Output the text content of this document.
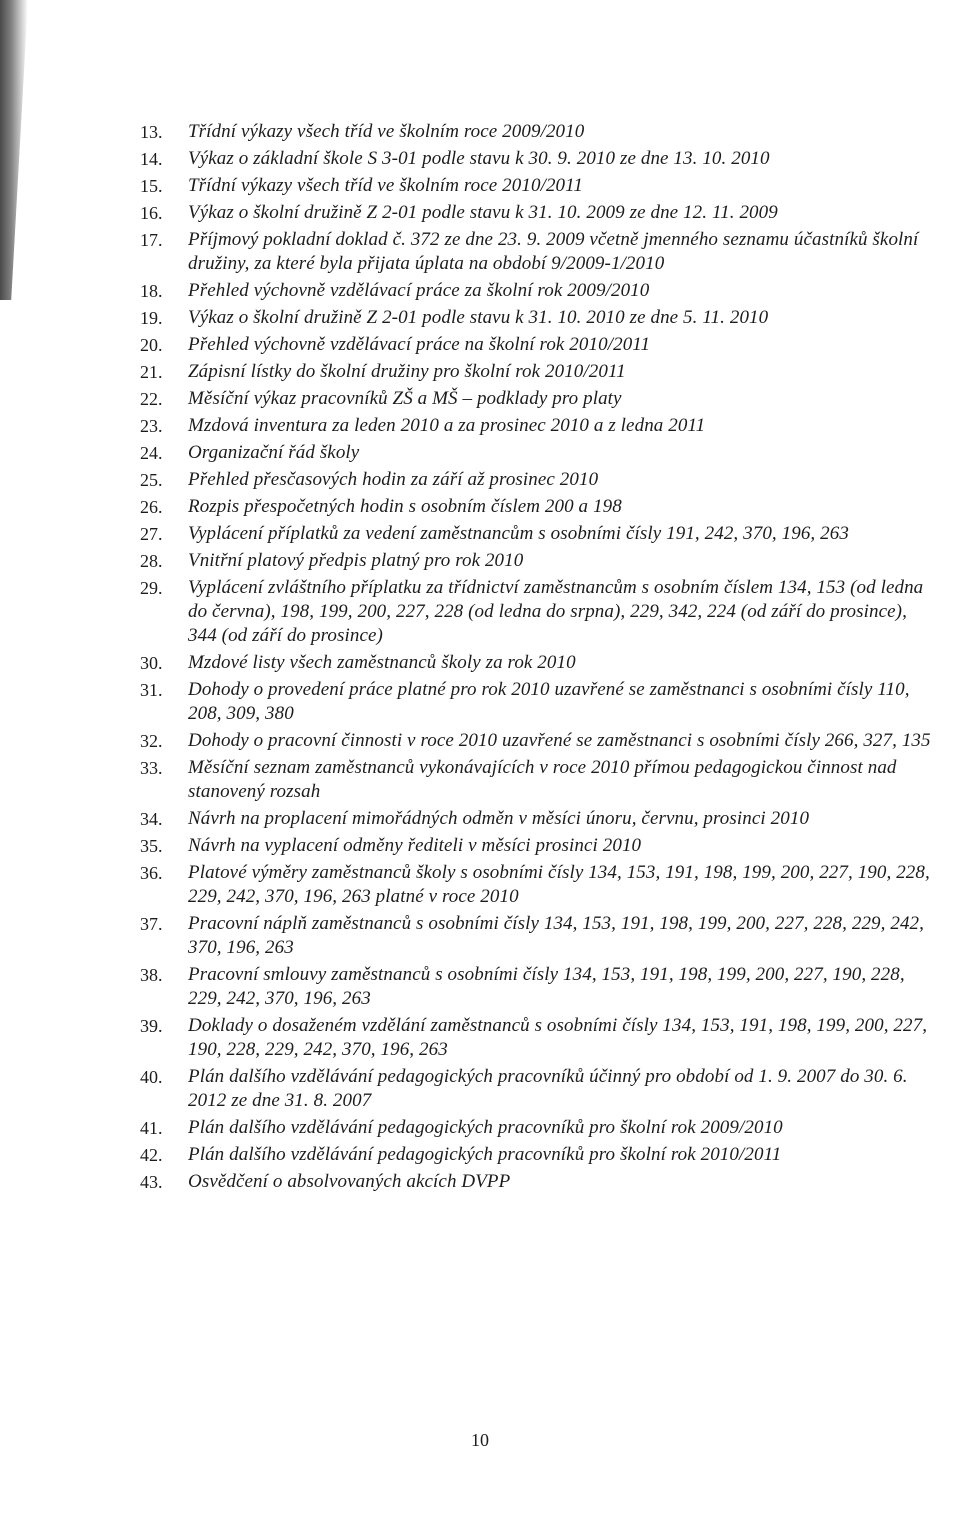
13.	Třídní výkazy všech tříd ve školním roce 2009/2010
14.	Výkaz o základní škole S 3-01 podle stavu k 30. 9. 2010 ze dne 13. 10. 2010
15.	Třídní výkazy všech tříd ve školním roce 2010/2011
16.	Výkaz o školní družině Z 2-01 podle stavu k 31. 10. 2009 ze dne 12. 11. 2009
17.	Příjmový pokladní doklad č. 372 ze dne 23. 9. 2009 včetně jmenného seznamu účastníků školní družiny, za které byla přijata úplata na období 9/2009-1/2010
18.	Přehled výchovně vzdělávací práce za školní rok 2009/2010
19.	Výkaz o školní družině Z 2-01 podle stavu k 31. 10. 2010 ze dne 5. 11. 2010
20.	Přehled výchovně vzdělávací práce na školní rok 2010/2011
21.	Zápisní lístky do školní družiny pro školní rok 2010/2011
22.	Měsíční výkaz pracovníků ZŠ a MŠ – podklady pro platy
23.	Mzdová inventura za leden 2010 a za prosinec 2010 a z ledna 2011
24.	Organizační řád školy
25.	Přehled přesčasových hodin za září až prosinec 2010
26.	Rozpis přespočetných hodin s osobním číslem 200 a 198
27.	Vyplácení příplatků za vedení zaměstnancům s osobními čísly 191, 242, 370, 196, 263
28.	Vnitřní platový předpis platný pro rok 2010
29.	Vyplácení zvláštního příplatku za třídnictví zaměstnancům s osobním číslem 134, 153 (od ledna do června), 198, 199, 200, 227, 228 (od ledna do srpna), 229, 342, 224 (od září do prosince), 344 (od září do prosince)
30.	Mzdové listy všech zaměstnanců školy za rok 2010
31.	Dohody o provedení práce platné pro rok 2010 uzavřené se zaměstnanci s osobními čísly 110, 208, 309, 380
32.	Dohody o pracovní činnosti v roce 2010 uzavřené se zaměstnanci s osobními čísly 266, 327, 135
33.	Měsíční seznam zaměstnanců vykonávajících v roce 2010 přímou pedagogickou činnost nad stanovený rozsah
34.	Návrh na proplacení mimořádných odměn v měsíci únoru, červnu, prosinci 2010
35.	Návrh na vyplacení odměny řediteli v měsíci prosinci 2010
36.	Platové výměry zaměstnanců školy s osobními čísly 134, 153, 191, 198, 199, 200, 227, 190, 228, 229, 242, 370, 196, 263 platné v roce 2010
37.	Pracovní náplň zaměstnanců s osobními čísly 134, 153, 191, 198, 199, 200, 227, 228, 229, 242, 370, 196, 263
38.	Pracovní smlouvy zaměstnanců s osobními čísly 134, 153, 191, 198, 199, 200, 227, 190, 228, 229, 242, 370, 196, 263
39.	Doklady o dosaženém vzdělání zaměstnanců s osobními čísly 134, 153, 191, 198, 199, 200, 227, 190, 228, 229, 242, 370, 196, 263
40.	Plán dalšího vzdělávání pedagogických pracovníků účinný pro období od 1. 9. 2007 do 30. 6. 2012 ze dne 31. 8. 2007
41.	Plán dalšího vzdělávání pedagogických pracovníků pro školní rok 2009/2010
42.	Plán dalšího vzdělávání pedagogických pracovníků pro školní rok 2010/2011
43.	Osvědčení o absolvovaných akcích DVPP
10
